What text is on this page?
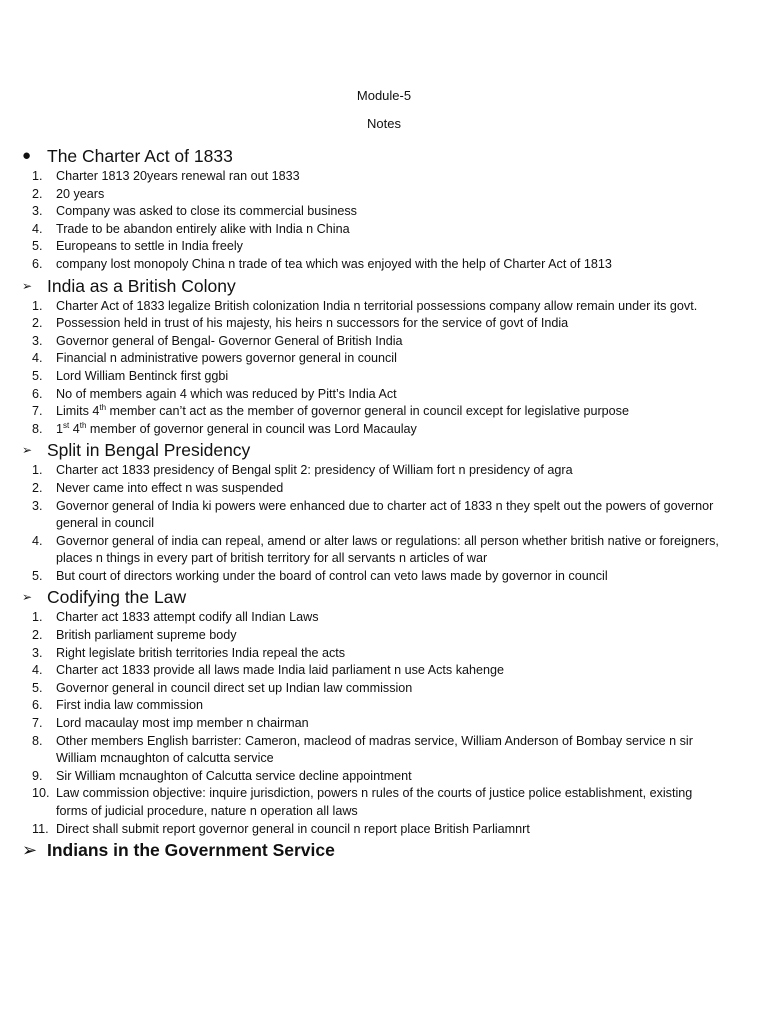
Module-5
Notes
● The Charter Act of 1833
1.	Charter 1813 20years renewal ran out 1833
2.	20 years
3.	Company was asked to close its commercial business
4.	Trade to be abandon entirely alike with India n China
5.	Europeans to settle in India freely
6.	company lost monopoly China n trade of tea which was enjoyed with the help of Charter Act of 1813
➢ India as a British Colony
1.	Charter Act of 1833 legalize British colonization India n territorial possessions company allow remain under its govt.
2.	Possession held in trust of his majesty, his heirs n successors for the service of govt of India
3.	Governor general of Bengal- Governor General of British India
4.	Financial n administrative powers governor general in council
5.	Lord William Bentinck first ggbi
6.	No of members again 4 which was reduced by Pitt’s India Act
7.	Limits 4th member can’t act as the member of governor general in council except for legislative purpose
8.	1st 4th member of governor general in council was Lord Macaulay
➢ Split in Bengal Presidency
1.	Charter act 1833 presidency of Bengal split 2: presidency of William fort n presidency of agra
2.	Never came into effect n was suspended
3.	Governor general of India ki powers were enhanced due to charter act of 1833 n they spelt out the powers of governor general in council
4.	Governor general of india can repeal, amend or alter laws or regulations: all person whether british native or foreigners, places n things in every part of british territory for all servants n articles of war
5.	But court of directors working under the board of control can veto laws made by governor in council
➢ Codifying the Law
1.	Charter act 1833 attempt codify all Indian Laws
2.	British parliament supreme body
3.	Right legislate british territories India repeal the acts
4.	Charter act 1833 provide all laws made India laid parliament n use Acts kahenge
5.	Governor general in council direct set up Indian law commission
6.	First india law commission
7.	Lord macaulay most imp member n chairman
8.	Other members English barrister: Cameron, macleod of madras service, William Anderson of Bombay service n sir William mcnaughton of calcutta service
9.	Sir William mcnaughton of Calcutta service decline appointment
10. Law commission objective: inquire jurisdiction, powers n rules of the courts of justice police establishment, existing forms of judicial procedure, nature n operation all laws
11. Direct shall submit report governor general in council n report place British Parliamnrt
➢ Indians in the Government Service
